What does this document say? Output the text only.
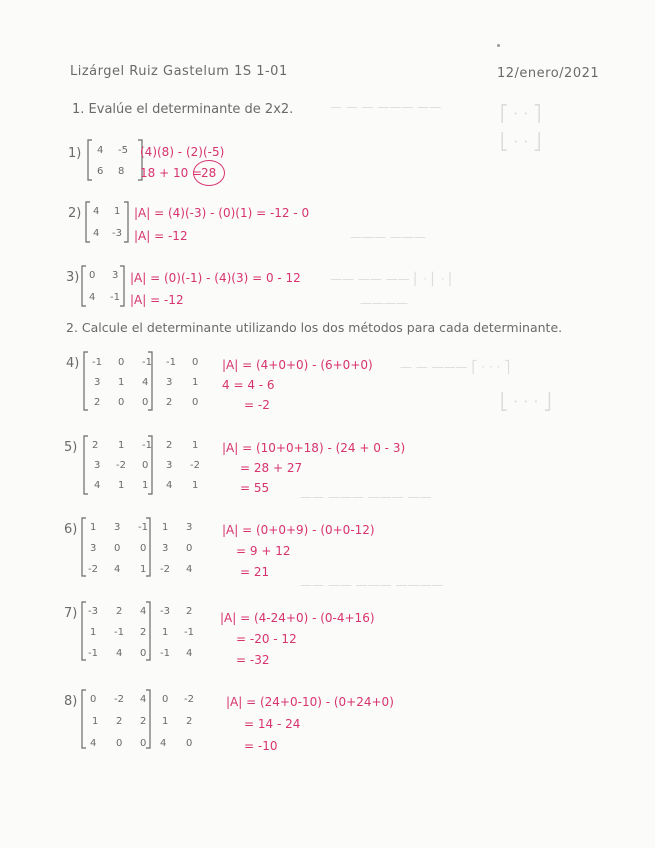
— — — ——— ——	⎡ · · ⎤
⎣ · · ⎦
——— ———
—— —— —— ⎜ · ⎜ · ⎜
————
— — ——— ⎡ · · · ⎤
⎣ · · · ⎦
—— ——— ——— ——
—— —— ——— ————
Lizárgel Ruiz Gastelum 1S 1-01	12/enero/2021
1. Evalúe el determinante de 2x2.
1) 4 -5
6 8
(4)(8) - (2)(-5)
18 + 10 =
28
2) 4 1
4 -3
|A| = (4)(-3) - (0)(1) = -12 - 0
|A| = -12
3) 0 3
4 -1
|A| = (0)(-1) - (4)(3) = 0 - 12
|A| = -12
2. Calcule el determinante utilizando los dos métodos para cada determinante.
4) -1 0 -1
3 1 4
2 0 0
-1 0
3 1
2 0
|A| = (4+0+0) - (6+0+0)
4 = 4 - 6
= -2
5) 2 1 -1
3 -2 0
4 1 1
2 1
3 -2
4 1
|A| = (10+0+18) - (24 + 0 - 3)
= 28 + 27
= 55
6) 1 3 -1
3 0 0
-2 4 1
1 3
3 0
-2 4
|A| = (0+0+9) - (0+0-12)
= 9 + 12
= 21
7) -3 2 4
1 -1 2
-1 4 0
-3 2
1 -1
-1 4
|A| = (4-24+0) - (0-4+16)
= -20 - 12
= -32
8) 0 -2 4
1 2 2
4 0 0
0 -2
1 2
4 0
|A| = (24+0-10) - (0+24+0)
= 14 - 24
= -10
